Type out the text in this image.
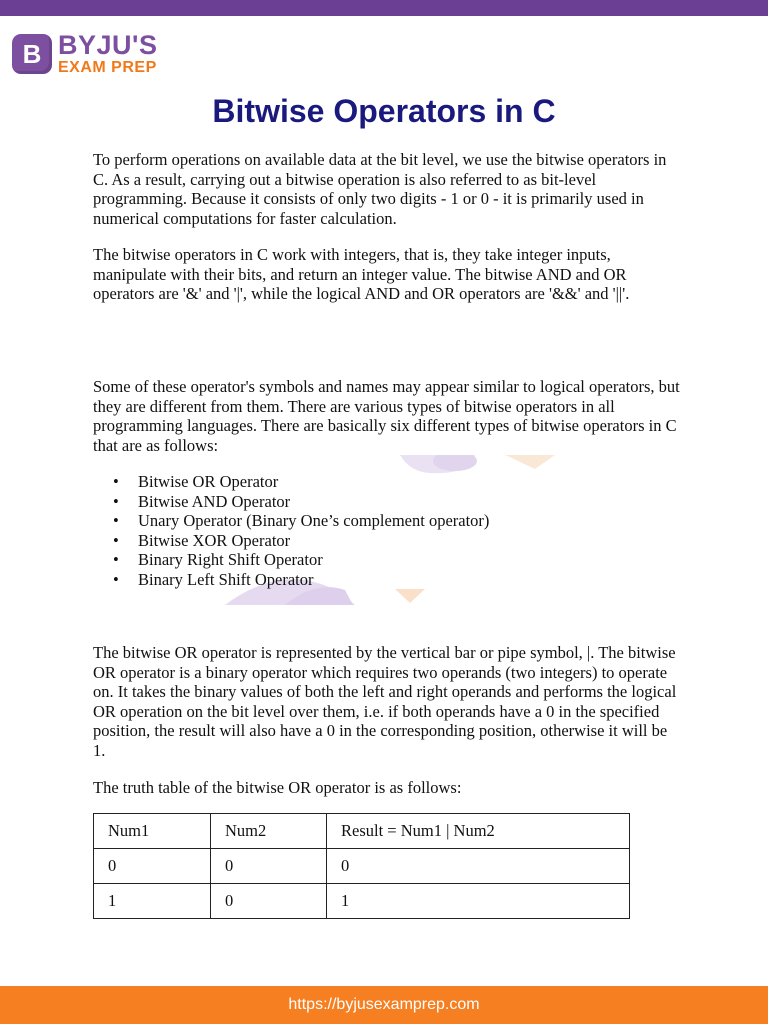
B BYJU'S
EXAM PREP
Bitwise Operators in C

To perform operations on available data at the bit level, we use the bitwise operators in C. As a result, carrying out a bitwise operation is also referred to as bit-level programming. Because it consists of only two digits - 1 or 0 - it is primarily used in numerical computations for faster calculation.

The bitwise operators in C work with integers, that is, they take integer inputs, manipulate with their bits, and return an integer value. The bitwise AND and OR operators are '&' and '|', while the logical AND and OR operators are '&&' and '||'.

Some of these operator's symbols and names may appear similar to logical operators, but they are different from them. There are various types of bitwise operators in all programming languages. There are basically six different types of bitwise operators in C that are as follows:

• Bitwise OR Operator
• Bitwise AND Operator
• Unary Operator (Binary One’s complement operator)
• Bitwise XOR Operator
• Binary Right Shift Operator
• Binary Left Shift Operator

The bitwise OR operator is represented by the vertical bar or pipe symbol, |. The bitwise OR operator is a binary operator which requires two operands (two integers) to operate on. It takes the binary values of both the left and right operands and performs the logical OR operation on the bit level over them, i.e. if both operands have a 0 in the specified position, the result will also have a 0 in the corresponding position, otherwise it will be 1.

The truth table of the bitwise OR operator is as follows:

Num1	Num2	Result = Num1 | Num2
0	0	0
1	0	1
https://byjusexamprep.com
